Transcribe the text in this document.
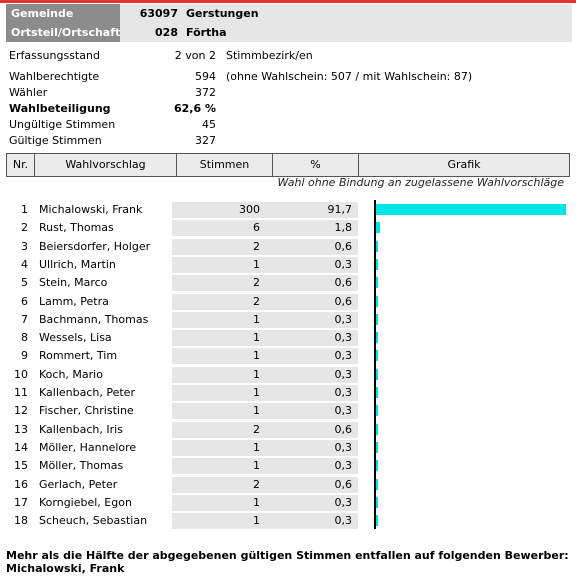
Gemeinde	63097 Gerstungen
Ortsteil/Ortschaft	028 Förtha
Erfassungsstand	2 von 2 Stimmbezirk/en
Wahlberechtigte	594 (ohne Wahlschein: 507 / mit Wahlschein: 87)
Wähler	372
Wahlbeteiligung	62,6 %
Ungültige Stimmen	45
Gültige Stimmen	327
Nr.	Wahlvorschlag	Stimmen	%	Grafik
Wahl ohne Bindung an zugelassene Wahlvorschläge
1 Michalowski, Frank	300	91,7
2 Rust, Thomas	6	1,8
3 Beiersdorfer, Holger	2	0,6
4 Ullrich, Martin	1	0,3
5 Stein, Marco	2	0,6
6 Lamm, Petra	2	0,6
7 Bachmann, Thomas	1	0,3
8 Wessels, Lisa	1	0,3
9 Rommert, Tim	1	0,3
10 Koch, Mario	1	0,3
11 Kallenbach, Peter	1	0,3
12 Fischer, Christine	1	0,3
13 Kallenbach, Iris	2	0,6
14 Möller, Hannelore	1	0,3
15 Möller, Thomas	1	0,3
16 Gerlach, Peter	2	0,6
17 Korngiebel, Egon	1	0,3
18 Scheuch, Sebastian	1	0,3
Mehr als die Hälfte der abgegebenen gültigen Stimmen entfallen auf folgenden Bewerber:
Michalowski, Frank
